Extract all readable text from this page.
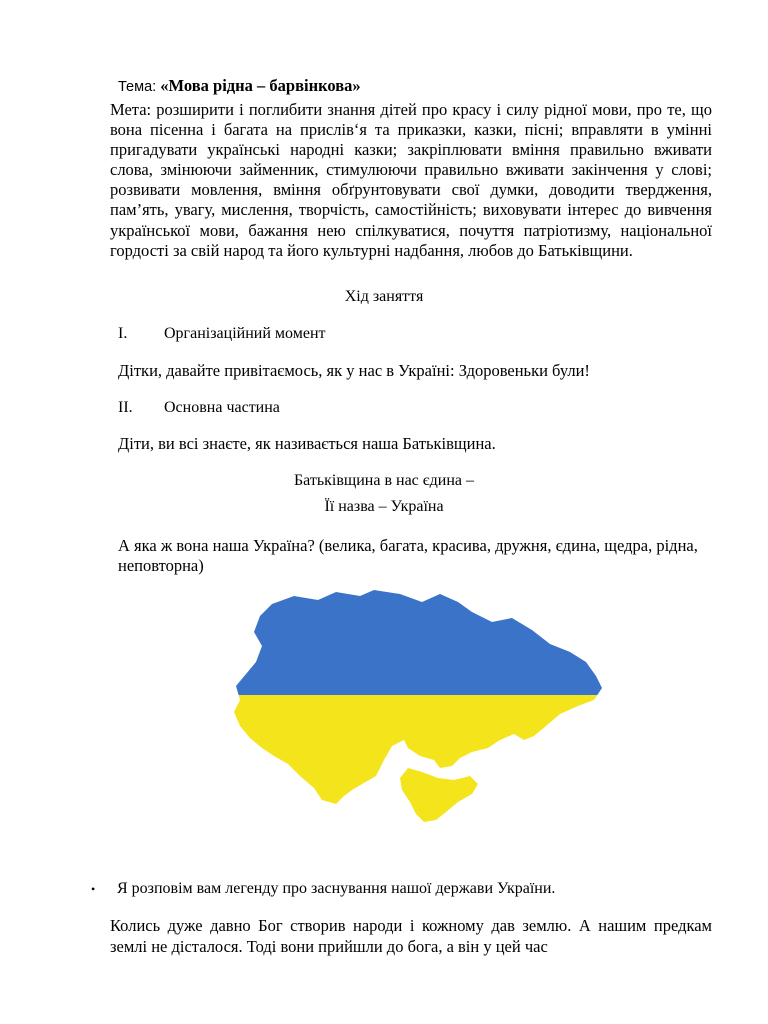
Тема: «Мова рідна – барвінкова»
Мета: розширити і поглибити знання дітей про красу і силу рідної мови, про те, що вона пісенна і багата на прислів‘я та приказки, казки, пісні; вправляти в умінні пригадувати українські народні казки; закріплювати вміння правильно вживати слова, змінюючи займенник, стимулюючи правильно вживати закінчення у слові; розвивати мовлення, вміння обґрунтовувати свої думки, доводити твердження, пам’ять, увагу, мислення, творчість, самостійність; виховувати інтерес до вивчення української мови, бажання нею спілкуватися, почуття патріотизму, національної гордості за свій народ та його культурні надбання, любов до Батьківщини.
Хід заняття
I. Організаційний момент
Дітки, давайте привітаємось, як у нас в Україні: Здоровеньки були!
II. Основна частина
Діти, ви всі знаєте, як називається наша Батьківщина.
Батьківщина в нас єдина –
Її назва – Україна
А яка ж вона наша Україна? (велика, багата, красива, дружня, єдина, щедра, рідна, неповторна)
• Я розповім вам легенду про заснування нашої держави України.
Колись дуже давно Бог створив народи і кожному дав землю. А нашим предкам землі не дісталося. Тоді вони прийшли до бога, а він у цей час
